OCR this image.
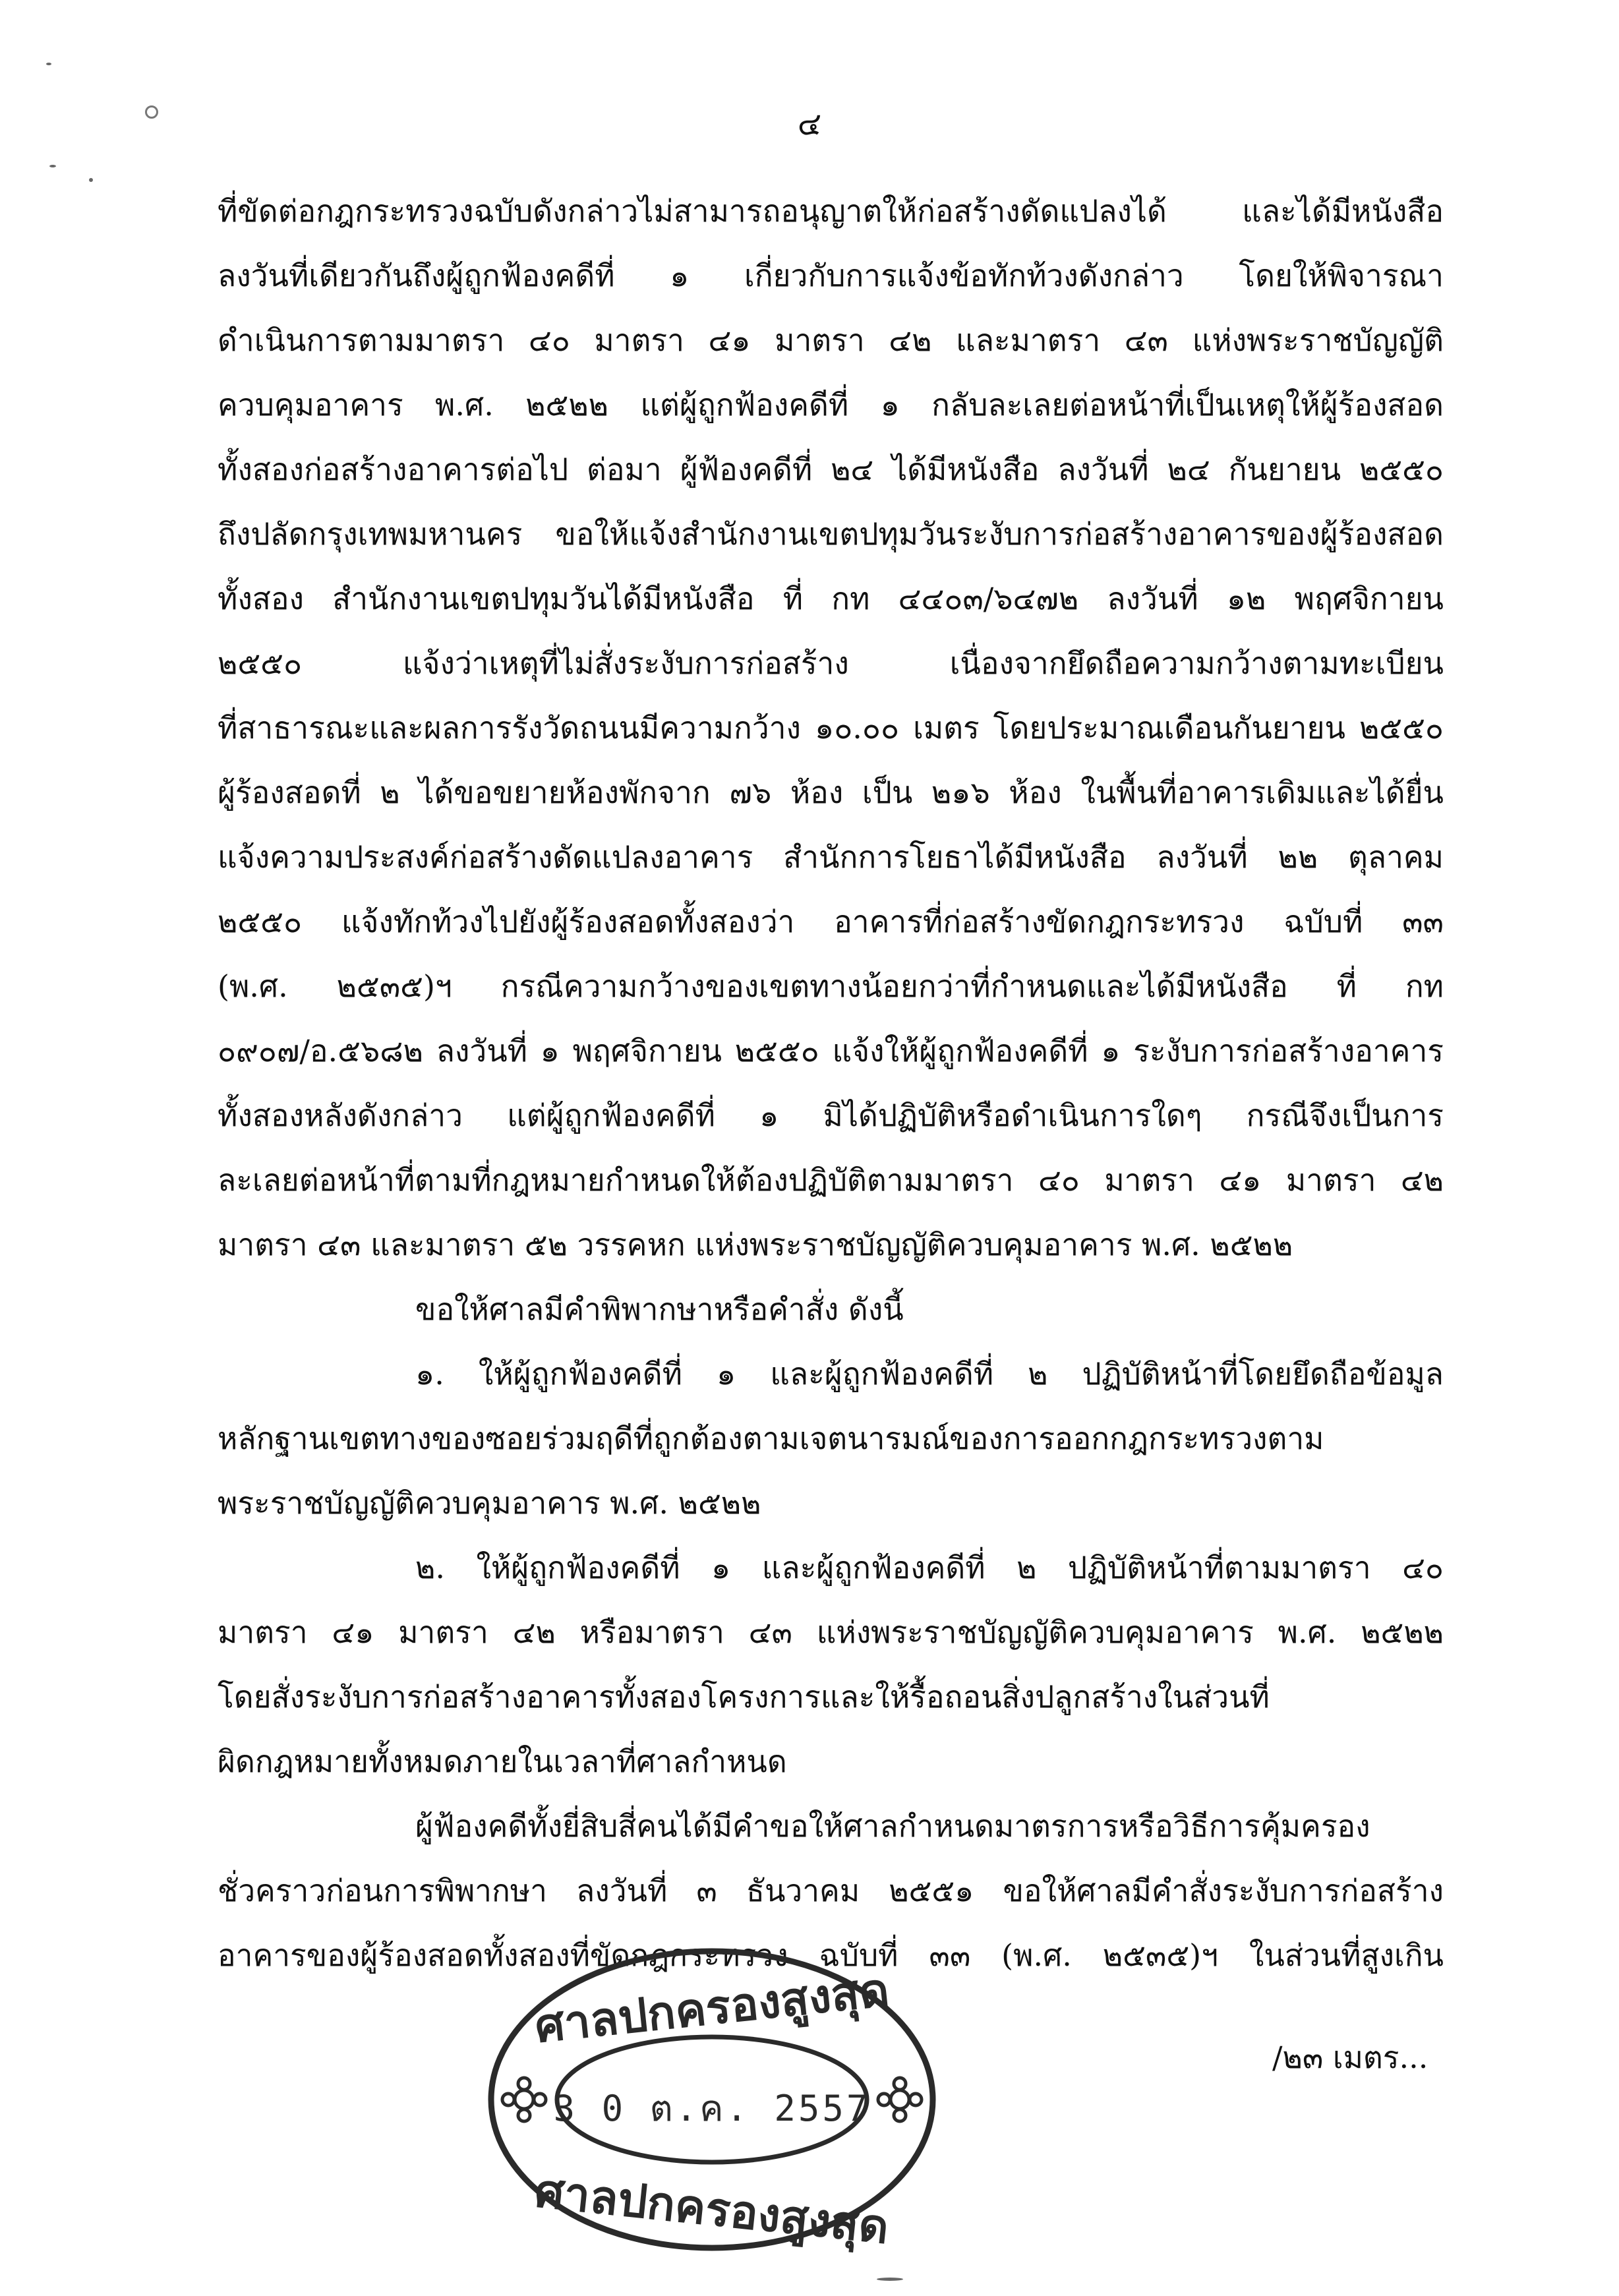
๔
ที่ขัดต่อกฎกระทรวงฉบับดังกล่าวไม่สามารถอนุญาตให้ก่อสร้างดัดแปลงได้ และได้มีหนังสือ
ลงวันที่เดียวกันถึงผู้ถูกฟ้องคดีที่ ๑ เกี่ยวกับการแจ้งข้อทักท้วงดังกล่าว โดยให้พิจารณา
ดำเนินการตามมาตรา ๔๐ มาตรา ๔๑ มาตรา ๔๒ และมาตรา ๔๓ แห่งพระราชบัญญัติ
ควบคุมอาคาร พ.ศ. ๒๕๒๒ แต่ผู้ถูกฟ้องคดีที่ ๑ กลับละเลยต่อหน้าที่เป็นเหตุให้ผู้ร้องสอด
ทั้งสองก่อสร้างอาคารต่อไป ต่อมา ผู้ฟ้องคดีที่ ๒๔ ได้มีหนังสือ ลงวันที่ ๒๔ กันยายน ๒๕๕๐
ถึงปลัดกรุงเทพมหานคร ขอให้แจ้งสำนักงานเขตปทุมวันระงับการก่อสร้างอาคารของผู้ร้องสอด
ทั้งสอง สำนักงานเขตปทุมวันได้มีหนังสือ ที่ กท ๔๔๐๓/๖๔๗๒ ลงวันที่ ๑๒ พฤศจิกายน
๒๕๕๐ แจ้งว่าเหตุที่ไม่สั่งระงับการก่อสร้าง เนื่องจากยึดถือความกว้างตามทะเบียน
ที่สาธารณะและผลการรังวัดถนนมีความกว้าง ๑๐.๐๐ เมตร โดยประมาณเดือนกันยายน ๒๕๕๐
ผู้ร้องสอดที่ ๒ ได้ขอขยายห้องพักจาก ๗๖ ห้อง เป็น ๒๑๖ ห้อง ในพื้นที่อาคารเดิมและได้ยื่น
แจ้งความประสงค์ก่อสร้างดัดแปลงอาคาร สำนักการโยธาได้มีหนังสือ ลงวันที่ ๒๒ ตุลาคม
๒๕๕๐ แจ้งทักท้วงไปยังผู้ร้องสอดทั้งสองว่า อาคารที่ก่อสร้างขัดกฎกระทรวง ฉบับที่ ๓๓
(พ.ศ. ๒๕๓๕)ฯ กรณีความกว้างของเขตทางน้อยกว่าที่กำหนดและได้มีหนังสือ ที่ กท
๐๙๐๗/อ.๕๖๘๒ ลงวันที่ ๑ พฤศจิกายน ๒๕๕๐ แจ้งให้ผู้ถูกฟ้องคดีที่ ๑ ระงับการก่อสร้างอาคาร
ทั้งสองหลังดังกล่าว แต่ผู้ถูกฟ้องคดีที่ ๑ มิได้ปฏิบัติหรือดำเนินการใดๆ กรณีจึงเป็นการ
ละเลยต่อหน้าที่ตามที่กฎหมายกำหนดให้ต้องปฏิบัติตามมาตรา ๔๐ มาตรา ๔๑ มาตรา ๔๒
มาตรา ๔๓ และมาตรา ๕๒ วรรคหก แห่งพระราชบัญญัติควบคุมอาคาร พ.ศ. ๒๕๒๒
ขอให้ศาลมีคำพิพากษาหรือคำสั่ง ดังนี้
๑. ให้ผู้ถูกฟ้องคดีที่ ๑ และผู้ถูกฟ้องคดีที่ ๒ ปฏิบัติหน้าที่โดยยึดถือข้อมูล
หลักฐานเขตทางของซอยร่วมฤดีที่ถูกต้องตามเจตนารมณ์ของการออกกฎกระทรวงตาม
พระราชบัญญัติควบคุมอาคาร พ.ศ. ๒๕๒๒
๒. ให้ผู้ถูกฟ้องคดีที่ ๑ และผู้ถูกฟ้องคดีที่ ๒ ปฏิบัติหน้าที่ตามมาตรา ๔๐
มาตรา ๔๑ มาตรา ๔๒ หรือมาตรา ๔๓ แห่งพระราชบัญญัติควบคุมอาคาร พ.ศ. ๒๕๒๒
โดยสั่งระงับการก่อสร้างอาคารทั้งสองโครงการและให้รื้อถอนสิ่งปลูกสร้างในส่วนที่
ผิดกฎหมายทั้งหมดภายในเวลาที่ศาลกำหนด
ผู้ฟ้องคดีทั้งยี่สิบสี่คนได้มีคำขอให้ศาลกำหนดมาตรการหรือวิธีการคุ้มครอง
ชั่วคราวก่อนการพิพากษา ลงวันที่ ๓ ธันวาคม ๒๕๕๑ ขอให้ศาลมีคำสั่งระงับการก่อสร้าง
อาคารของผู้ร้องสอดทั้งสองที่ขัดกฎกระทรวง ฉบับที่ ๓๓ (พ.ศ. ๒๕๓๕)ฯ ในส่วนที่สูงเกิน
ศาลปกครองสูงสุด
3 0 ต.ค. 2557
ศาลปกครองสูงสุด
/๒๓ เมตร...
